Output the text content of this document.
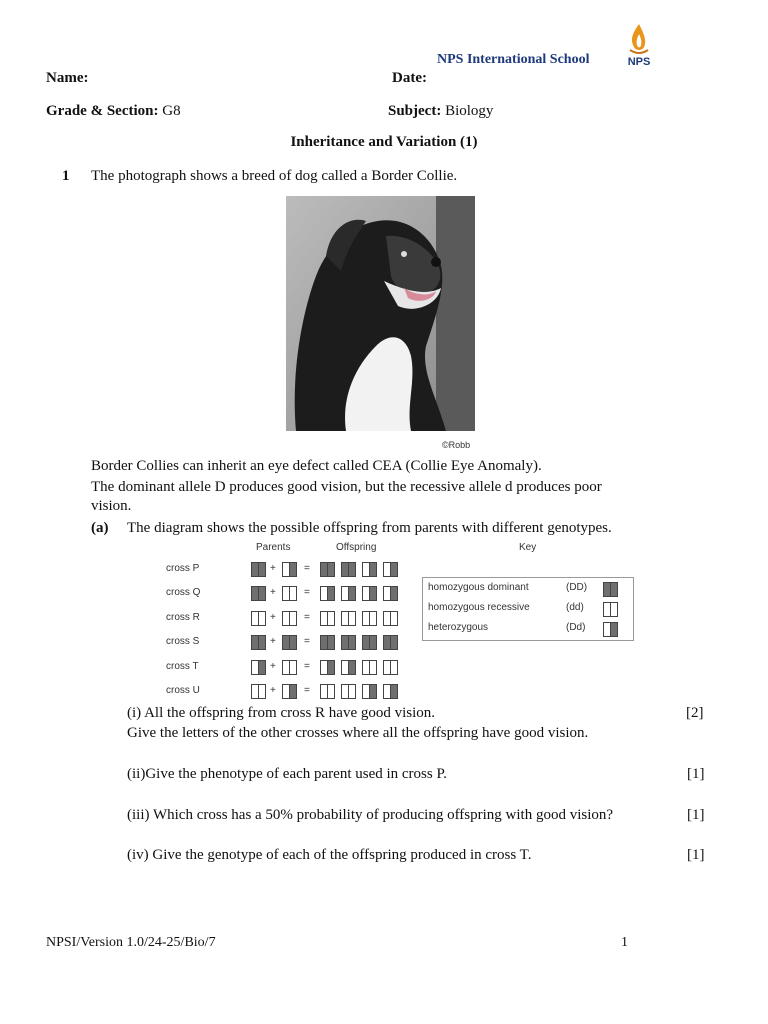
NPS International School	NPS
Name:	Date:
Grade & Section: G8	Subject: Biology
Inheritance and Variation (1)
1 The photograph shows a breed of dog called a Border Collie.
©Robb
Border Collies can inherit an eye defect called CEA (Collie Eye Anomaly).
The dominant allele D produces good vision, but the recessive allele d produces poor
vision.
(a) The diagram shows the possible offspring from parents with different genotypes.
Parents	Offspring	Key
cross P	+	=
cross Q	+	=
cross R	+	=
cross S	+	=
cross T	+	=
cross U	+	=
homozygous dominant	(DD)
homozygous recessive	(dd)
heterozygous	(Dd)
(i) All the offspring from cross R have good vision.	[2]
Give the letters of the other crosses where all the offspring have good vision.
(ii)Give the phenotype of each parent used in cross P.	[1]
(iii) Which cross has a 50% probability of producing offspring with good vision?	[1]
(iv) Give the genotype of each of the offspring produced in cross T.	[1]
NPSI/Version 1.0/24-25/Bio/7	1
